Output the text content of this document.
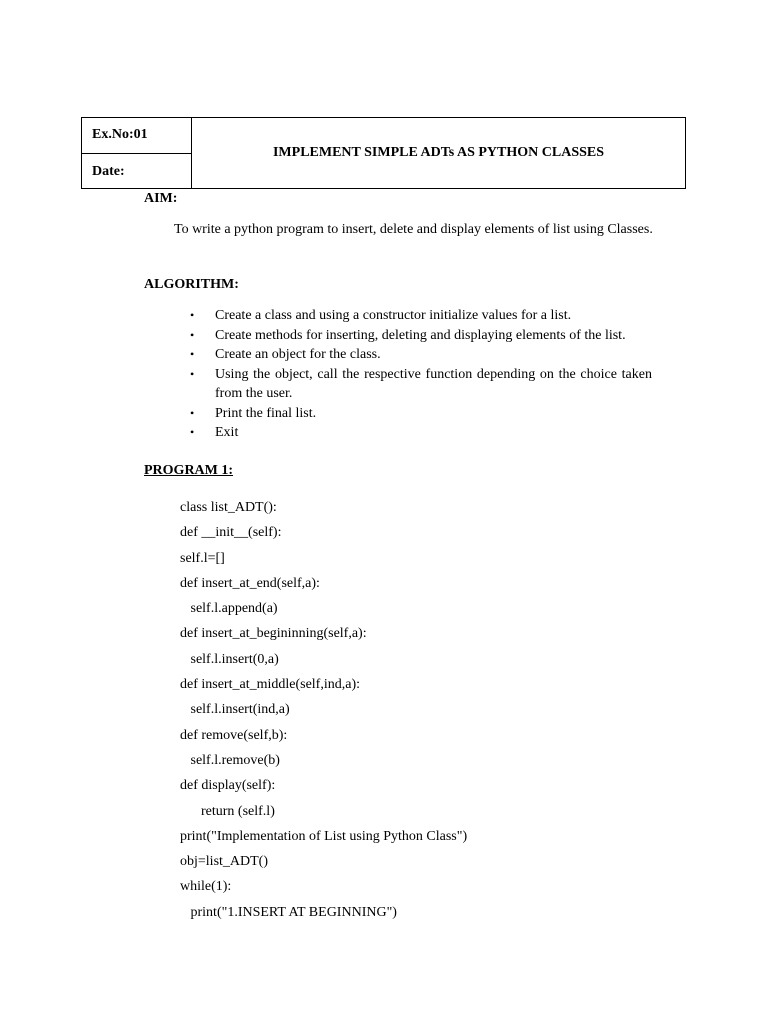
Ex.No:01
Date:
IMPLEMENT SIMPLE ADTs AS PYTHON CLASSES
AIM:
To write a python program to insert, delete and display elements of list using Classes.
ALGORITHM:
• Create a class and using a constructor initialize values for a list.
• Create methods for inserting, deleting and displaying elements of the list.
• Create an object for the class.
• Using the object, call the respective function depending on the choice taken from the user.
• Print the final list.
• Exit
PROGRAM 1:
class list_ADT():
def __init__(self):
self.l=[]
def insert_at_end(self,a):
self.l.append(a)
def insert_at_begininning(self,a):
self.l.insert(0,a)
def insert_at_middle(self,ind,a):
self.l.insert(ind,a)
def remove(self,b):
self.l.remove(b)
def display(self):
return (self.l)
print("Implementation of List using Python Class")
obj=list_ADT()
while(1):
print("1.INSERT AT BEGINNING")
